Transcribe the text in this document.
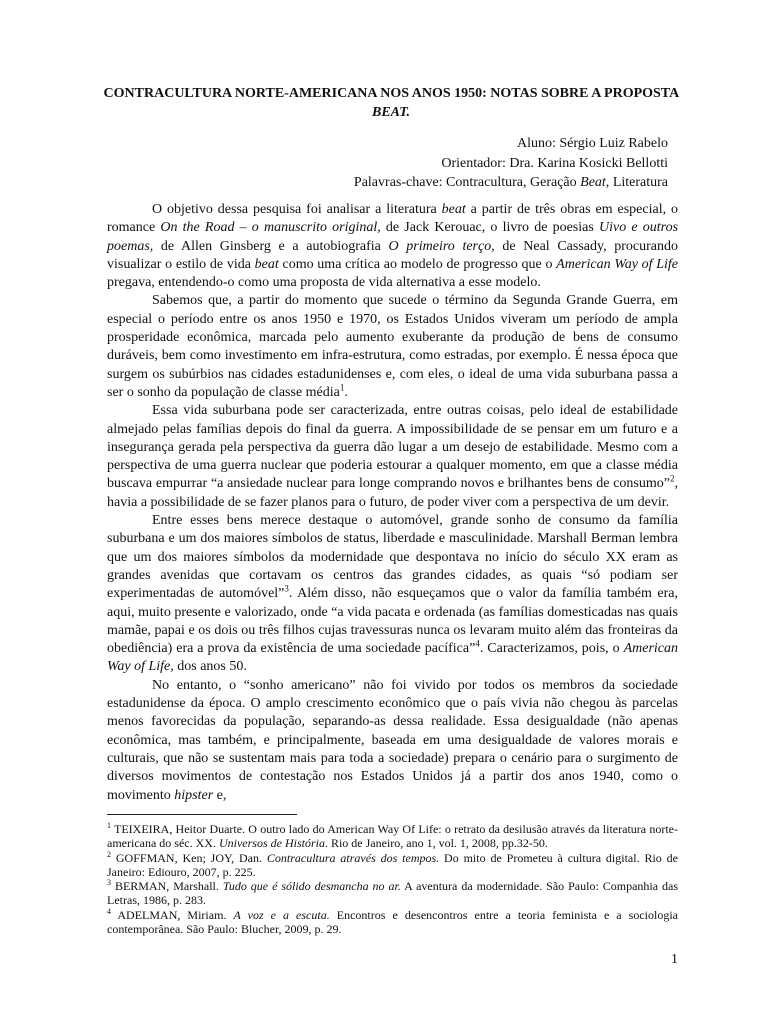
CONTRACULTURA NORTE-AMERICANA NOS ANOS 1950: NOTAS SOBRE A PROPOSTA BEAT.
Aluno: Sérgio Luiz Rabelo
Orientador: Dra. Karina Kosicki Bellotti
Palavras-chave: Contracultura, Geração Beat, Literatura

O objetivo dessa pesquisa foi analisar a literatura beat a partir de três obras em especial, o romance On the Road – o manuscrito original, de Jack Kerouac, o livro de poesias Uivo e outros poemas, de Allen Ginsberg e a autobiografia O primeiro terço, de Neal Cassady, procurando visualizar o estilo de vida beat como uma crítica ao modelo de progresso que o American Way of Life pregava, entendendo-o como uma proposta de vida alternativa a esse modelo.

Sabemos que, a partir do momento que sucede o término da Segunda Grande Guerra, em especial o período entre os anos 1950 e 1970, os Estados Unidos viveram um período de ampla prosperidade econômica, marcada pelo aumento exuberante da produção de bens de consumo duráveis, bem como investimento em infra-estrutura, como estradas, por exemplo. É nessa época que surgem os subúrbios nas cidades estadunidenses e, com eles, o ideal de uma vida suburbana passa a ser o sonho da população de classe média$^1$.

Essa vida suburbana pode ser caracterizada, entre outras coisas, pelo ideal de estabilidade almejado pelas famílias depois do final da guerra. A impossibilidade de se pensar em um futuro e a insegurança gerada pela perspectiva da guerra dão lugar a um desejo de estabilidade. Mesmo com a perspectiva de uma guerra nuclear que poderia estourar a qualquer momento, em que a classe média buscava empurrar “a ansiedade nuclear para longe comprando novos e brilhantes bens de consumo”$^2$, havia a possibilidade de se fazer planos para o futuro, de poder viver com a perspectiva de um devir.

Entre esses bens merece destaque o automóvel, grande sonho de consumo da família suburbana e um dos maiores símbolos de status, liberdade e masculinidade. Marshall Berman lembra que um dos maiores símbolos da modernidade que despontava no início do século XX eram as grandes avenidas que cortavam os centros das grandes cidades, as quais “só podiam ser experimentadas de automóvel”$^3$. Além disso, não esqueçamos que o valor da família também era, aqui, muito presente e valorizado, onde “a vida pacata e ordenada (as famílias domesticadas nas quais mamãe, papai e os dois ou três filhos cujas travessuras nunca os levaram muito além das fronteiras da obediência) era a prova da existência de uma sociedade pacífica”$^4$. Caracterizamos, pois, o American Way of Life, dos anos 50.

No entanto, o “sonho americano” não foi vivido por todos os membros da sociedade estadunidense da época. O amplo crescimento econômico que o país vivia não chegou às parcelas menos favorecidas da população, separando-as dessa realidade. Essa desigualdade (não apenas econômica, mas também, e principalmente, baseada em uma desigualdade de valores morais e culturais, que não se sustentam mais para toda a sociedade) prepara o cenário para o surgimento de diversos movimentos de contestação nos Estados Unidos já a partir dos anos 1940, como o movimento hipster e,

$^1$ TEIXEIRA, Heitor Duarte. O outro lado do American Way Of Life: o retrato da desilusão através da literatura norte-americana do séc. XX. Universos de História. Rio de Janeiro, ano 1, vol. 1, 2008, pp.32-50.

$^2$ GOFFMAN, Ken; JOY, Dan. Contracultura através dos tempos. Do mito de Prometeu à cultura digital. Rio de Janeiro: Ediouro, 2007, p. 225.

$^3$ BERMAN, Marshall. Tudo que é sólido desmancha no ar. A aventura da modernidade. São Paulo: Companhia das Letras, 1986, p. 283.

$^4$ ADELMAN, Miriam. A voz e a escuta. Encontros e desencontros entre a teoria feminista e a sociologia contemporânea. São Paulo: Blucher, 2009, p. 29.

1
